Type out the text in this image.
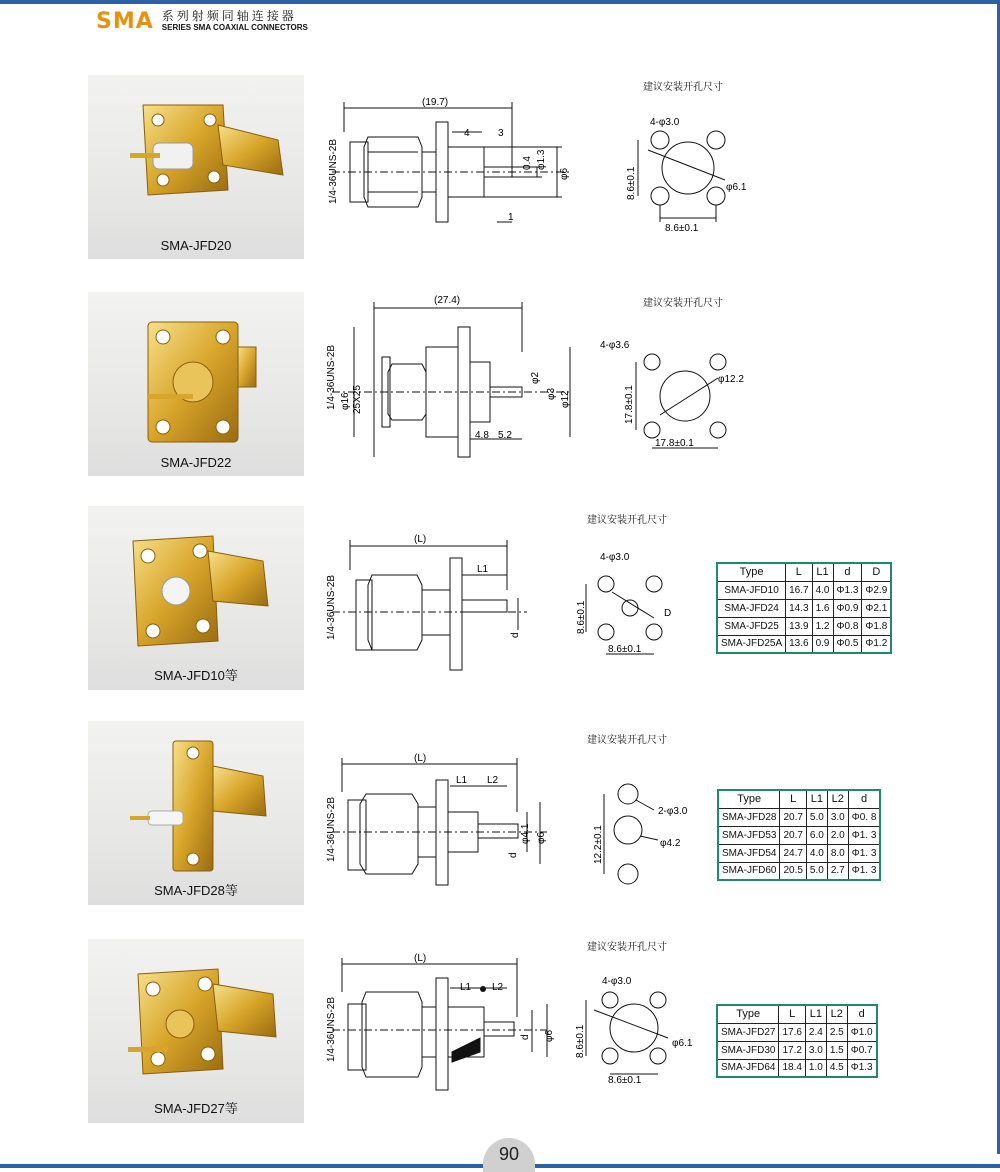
SMA 系列射频同轴连接器
SERIES SMA COAXIAL CONNECTORS
SMA-JFD20
(19.7)
4	3
1
0.4 φ1.3
φ6
1/4-36UNS-2B
建议安装开孔尺寸
4-φ3.0
φ6.1
8.6±0.1
8.6±0.1
SMA-JFD22
(27.4)
4.8 5.2
φ2
φ3 φ12
φ16 25X25
1/4-36UNS-2B
建议安装开孔尺寸
4-φ3.6
φ12.2
17.8±0.1
17.8±0.1
SMA-JFD10等
(L)
L1
d
1/4-36UNS-2B
建议安装开孔尺寸
4-φ3.0
D
8.6±0.1
8.6±0.1
Type	L	L1	d	D
SMA-JFD10	16.7	4.0	Φ1.3	Φ2.9
SMA-JFD24	14.3	1.6	Φ0.9	Φ2.1
SMA-JFD25	13.9	1.2	Φ0.8	Φ1.8
SMA-JFD25A	13.6	0.9	Φ0.5	Φ1.2
SMA-JFD28等
(L)
L1 L2
d
φ4.1 φ6
1/4-36UNS-2B
建议安装开孔尺寸
2-φ3.0
φ4.2
12.2±0.1
Type	L	L1	L2	d
SMA-JFD28	20.7	5.0	3.0	Φ0. 8
SMA-JFD53	20.7	6.0	2.0	Φ1. 3
SMA-JFD54	24.7	4.0	8.0	Φ1. 3
SMA-JFD60	20.5	5.0	2.7	Φ1. 3
SMA-JFD27等
(L)
L1 L2
d φ6
1/4-36UNS-2B
建议安装开孔尺寸
4-φ3.0
φ6.1
8.6±0.1
8.6±0.1
Type	L	L1	L2	d
SMA-JFD27	17.6	2.4	2.5	Φ1.0
SMA-JFD30	17.2	3.0	1.5	Φ0.7
SMA-JFD64	18.4	1.0	4.5	Φ1.3
90
